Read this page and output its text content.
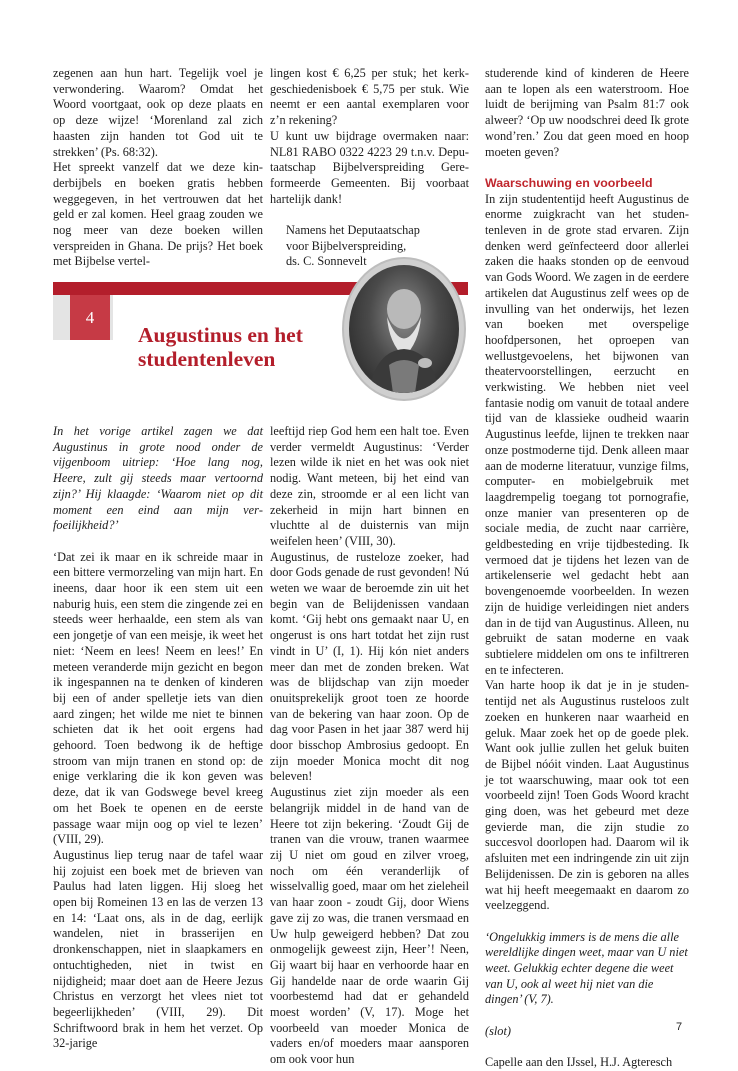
zegenen aan hun hart. Tegelijk voel je verwondering. Waarom? Omdat het Woord voortgaat, ook op deze plaats en op deze wijze! ‘Morenland zal zich haasten zijn handen tot God uit te strekken’ (Ps. 68:32).

Het spreekt vanzelf dat we deze kinderbijbels en boeken gratis hebben weggegeven, in het vertrouwen dat het geld er zal komen. Heel graag zouden we nog meer van deze boeken willen verspreiden in Ghana. De prijs? Het boek met Bijbelse vertel-

lingen kost € 6,25 per stuk; het kerkgeschiedenisboek € 5,75 per stuk. Wie neemt er een aantal exemplaren voor z’n rekening?

U kunt uw bijdrage overmaken naar: NL81 RABO 0322 4223 29 t.n.v. Deputaatschap Bijbelverspreiding Gereformeerde Gemeenten. Bij voorbaat hartelijk dank!

Namens het Deputaatschap

voor Bijbelverspreiding,

ds. C. Sonnevelt

4
Augustinus en het
studentenleven

In het vorige artikel zagen we dat Augustinus in grote nood onder de vijgenboom uitriep: ‘Hoe lang nog, Heere, zult gij steeds maar vertoornd zijn?’ Hij klaagde: ‘Waarom niet op dit moment een eind aan mijn verfoeilijkheid?’

‘Dat zei ik maar en ik schreide maar in een bittere vermorzeling van mijn hart. En ineens, daar hoor ik een stem uit een naburig huis, een stem die zingende zei en steeds weer herhaalde, een stem als van een jongetje of van een meisje, ik weet het niet: ‘Neem en lees! Neem en lees!’ En meteen veranderde mijn gezicht en begon ik ingespannen na te denken of kinderen bij een of ander spelletje iets van dien aard zingen; het wilde me niet te binnen schieten dat ik het ooit ergens had gehoord. Toen bedwong ik de heftige stroom van mijn tranen en stond op: de enige verklaring die ik kon geven was deze, dat ik van Godswege bevel kreeg om het Boek te openen en de eerste passage waar mijn oog op viel te lezen’ (VIII, 29).

Augustinus liep terug naar de tafel waar hij zojuist een boek met de brieven van Paulus had laten liggen. Hij sloeg het open bij Romeinen 13 en las de verzen 13 en 14: ‘Laat ons, als in de dag, eerlijk wandelen, niet in brasserijen en dronkenschappen, niet in slaapkamers en ontuchtigheden, niet in twist en nijdigheid; maar doet aan de Heere Jezus Christus en verzorgt het vlees niet tot begeerlijkheden’ (VIII, 29). Dit Schriftwoord brak in hem het verzet. Op 32-jarige

leeftijd riep God hem een halt toe. Even verder vermeldt Augustinus: ‘Verder lezen wilde ik niet en het was ook niet nodig. Want meteen, bij het eind van deze zin, stroomde er al een licht van zekerheid in mijn hart binnen en vluchtte al de duisternis van mijn weifelen heen’ (VIII, 30).

Augustinus, de rusteloze zoeker, had door Gods genade de rust gevonden! Nú weten we waar de beroemde zin uit het begin van de Belijdenissen vandaan komt. ‘Gij hebt ons gemaakt naar U, en ongerust is ons hart totdat het zijn rust vindt in U’ (I, 1). Hij kón niet anders meer dan met de zonden breken. Wat was de blijdschap van zijn moeder onuitsprekelijk groot toen ze hoorde van de bekering van haar zoon. Op de dag voor Pasen in het jaar 387 werd hij door bisschop Ambrosius gedoopt. En zijn moeder Monica mocht dit nog beleven!

Augustinus ziet zijn moeder als een belangrijk middel in de hand van de Heere tot zijn bekering. ‘Zoudt Gij de tranen van die vrouw, tranen waarmee zij U niet om goud en zilver vroeg, noch om één veranderlijk of wisselvallig goed, maar om het zieleheil van haar zoon - zoudt Gij, door Wiens gave zij zo was, die tranen versmaad en Uw hulp geweigerd hebben? Dat zou onmogelijk geweest zijn, Heer’! Neen, Gij waart bij haar en verhoorde haar en Gij handelde naar de orde waarin Gij voorbestemd had dat er gehandeld moest worden’ (V, 17). Moge het voorbeeld van moeder Monica de vaders en/of moeders maar aansporen om ook voor hun

studerende kind of kinderen de Heere aan te lopen als een waterstroom. Hoe luidt de berijming van Psalm 81:7 ook alweer? ‘Op uw noodschrei deed Ik grote wond’ren.’ Zou dat geen moed en hoop moeten geven?

Waarschuwing en voorbeeld

In zijn studententijd heeft Augustinus de enorme zuigkracht van het studentenleven in de grote stad ervaren. Zijn denken werd geïnfecteerd door allerlei zaken die haaks stonden op de eenvoud van Gods Woord. We zagen in de eerdere artikelen dat Augustinus zelf wees op de invulling van het onderwijs, het lezen van boeken met overspelige hoofdpersonen, het oproepen van wellustgevoelens, het bijwonen van theatervoorstellingen, eerzucht en verkwisting. We hebben niet veel fantasie nodig om vanuit de totaal andere tijd van de klassieke oudheid waarin Augustinus leefde, lijnen te trekken naar onze postmoderne tijd. Denk alleen maar aan de moderne literatuur, vunzige films, computer- en mobielgebruik met laagdrempelig toegang tot pornografie, onze manier van presenteren op de sociale media, de zucht naar carrière, geldbesteding en vrije tijdbesteding. Ik vermoed dat je tijdens het lezen van de artikelenserie wel gedacht hebt aan bovengenoemde voorbeelden. In wezen zijn de huidige verleidingen niet anders dan in de tijd van Augustinus. Alleen, nu gebruikt de satan moderne en vaak subtielere middelen om ons te infiltreren en te infecteren.

Van harte hoop ik dat je in je studententijd net als Augustinus rusteloos zult zoeken en hunkeren naar waarheid en geluk. Maar zoek het op de goede plek. Want ook jullie zullen het geluk buiten de Bijbel nóóit vinden. Laat Augustinus je tot waarschuwing, maar ook tot een voorbeeld zijn! Toen Gods Woord kracht ging doen, was het gebeurd met deze gevierde man, die zijn studie zo succesvol doorlopen had. Daarom wil ik afsluiten met een indringende zin uit zijn Belijdenissen. De zin is geboren na alles wat hij heeft meegemaakt en daarom zo veelzeggend.

‘Ongelukkig immers is de mens die alle wereldlijke dingen weet, maar van U niet weet. Gelukkig echter degene die weet van U, ook al weet hij niet van die dingen’ (V, 7).

(slot)

Capelle aan den IJssel, H.J. Agteresch

7
